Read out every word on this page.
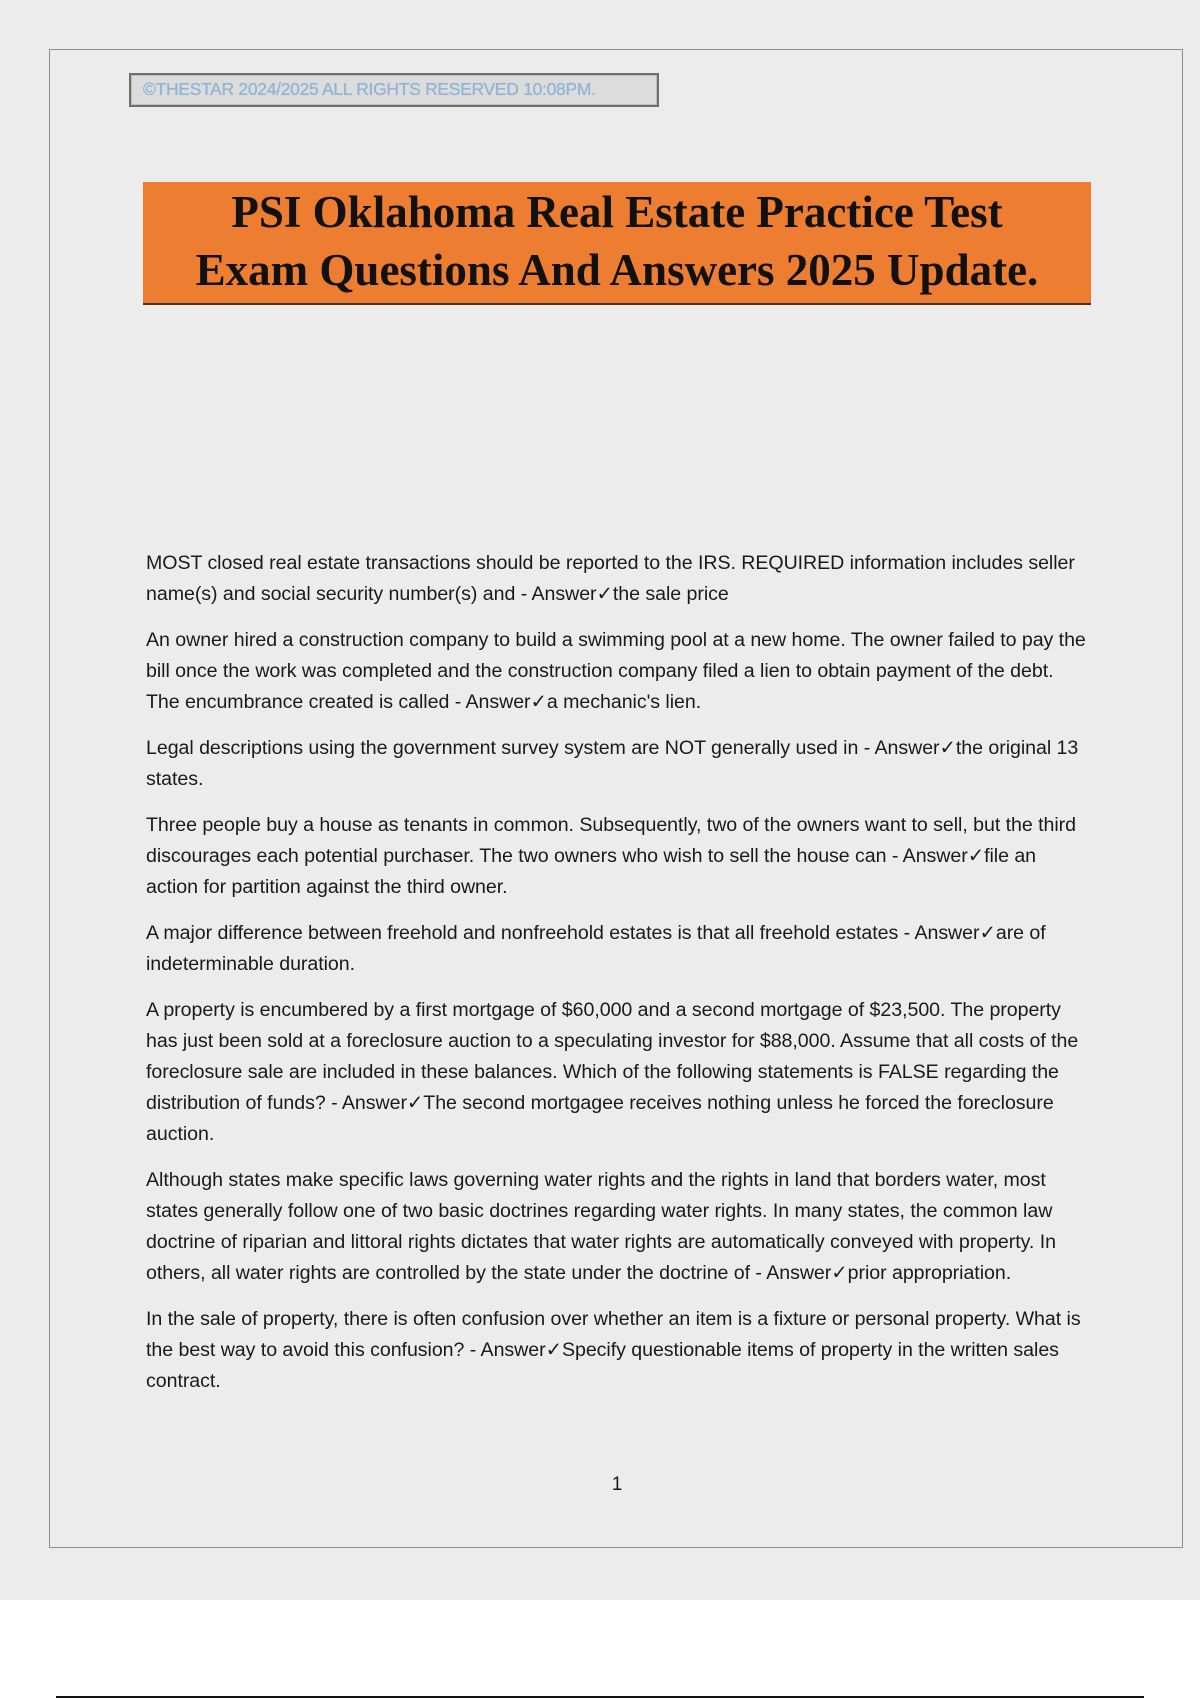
©THESTAR 2024/2025 ALL RIGHTS RESERVED 10:08PM.
PSI Oklahoma Real Estate Practice Test
Exam Questions And Answers 2025 Update.

MOST closed real estate transactions should be reported to the IRS. REQUIRED information includes seller name(s) and social security number(s) and - Answer✓the sale price

An owner hired a construction company to build a swimming pool at a new home. The owner failed to pay the bill once the work was completed and the construction company filed a lien to obtain payment of the debt. The encumbrance created is called - Answer✓a mechanic's lien.

Legal descriptions using the government survey system are NOT generally used in - Answer✓the original 13 states.

Three people buy a house as tenants in common. Subsequently, two of the owners want to sell, but the third discourages each potential purchaser. The two owners who wish to sell the house can - Answer✓file an action for partition against the third owner.

A major difference between freehold and nonfreehold estates is that all freehold estates - Answer✓are of indeterminable duration.

A property is encumbered by a first mortgage of $60,000 and a second mortgage of $23,500. The property has just been sold at a foreclosure auction to a speculating investor for $88,000. Assume that all costs of the foreclosure sale are included in these balances. Which of the following statements is FALSE regarding the distribution of funds? - Answer✓The second mortgagee receives nothing unless he forced the foreclosure auction.

Although states make specific laws governing water rights and the rights in land that borders water, most states generally follow one of two basic doctrines regarding water rights. In many states, the common law doctrine of riparian and littoral rights dictates that water rights are automatically conveyed with property. In others, all water rights are controlled by the state under the doctrine of - Answer✓prior appropriation.

In the sale of property, there is often confusion over whether an item is a fixture or personal property. What is the best way to avoid this confusion? - Answer✓Specify questionable items of property in the written sales contract.

1
